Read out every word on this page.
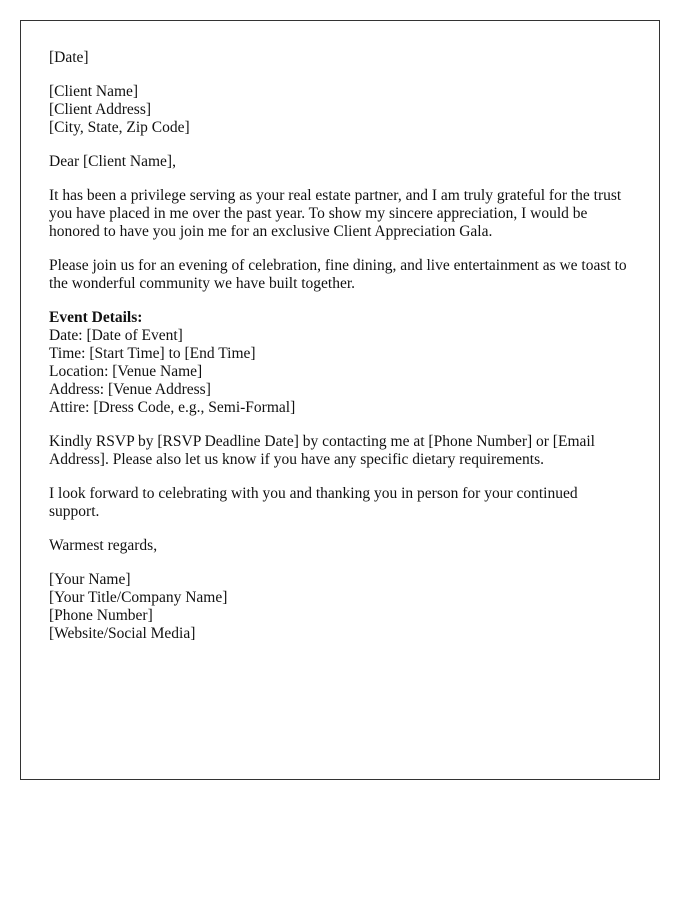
[Date]
[Client Name]
[Client Address]
[City, State, Zip Code]
Dear [Client Name],

It has been a privilege serving as your real estate partner, and I am truly grateful for the trust you have placed in me over the past year. To show my sincere appreciation, I would be honored to have you join me for an exclusive Client Appreciation Gala.

Please join us for an evening of celebration, fine dining, and live entertainment as we toast to the wonderful community we have built together.

Event Details:
Date: [Date of Event]
Time: [Start Time] to [End Time]
Location: [Venue Name]
Address: [Venue Address]
Attire: [Dress Code, e.g., Semi-Formal]

Kindly RSVP by [RSVP Deadline Date] by contacting me at [Phone Number] or [Email Address]. Please also let us know if you have any specific dietary requirements.

I look forward to celebrating with you and thanking you in person for your continued support.

Warmest regards,
[Your Name]
[Your Title/Company Name]
[Phone Number]
[Website/Social Media]
